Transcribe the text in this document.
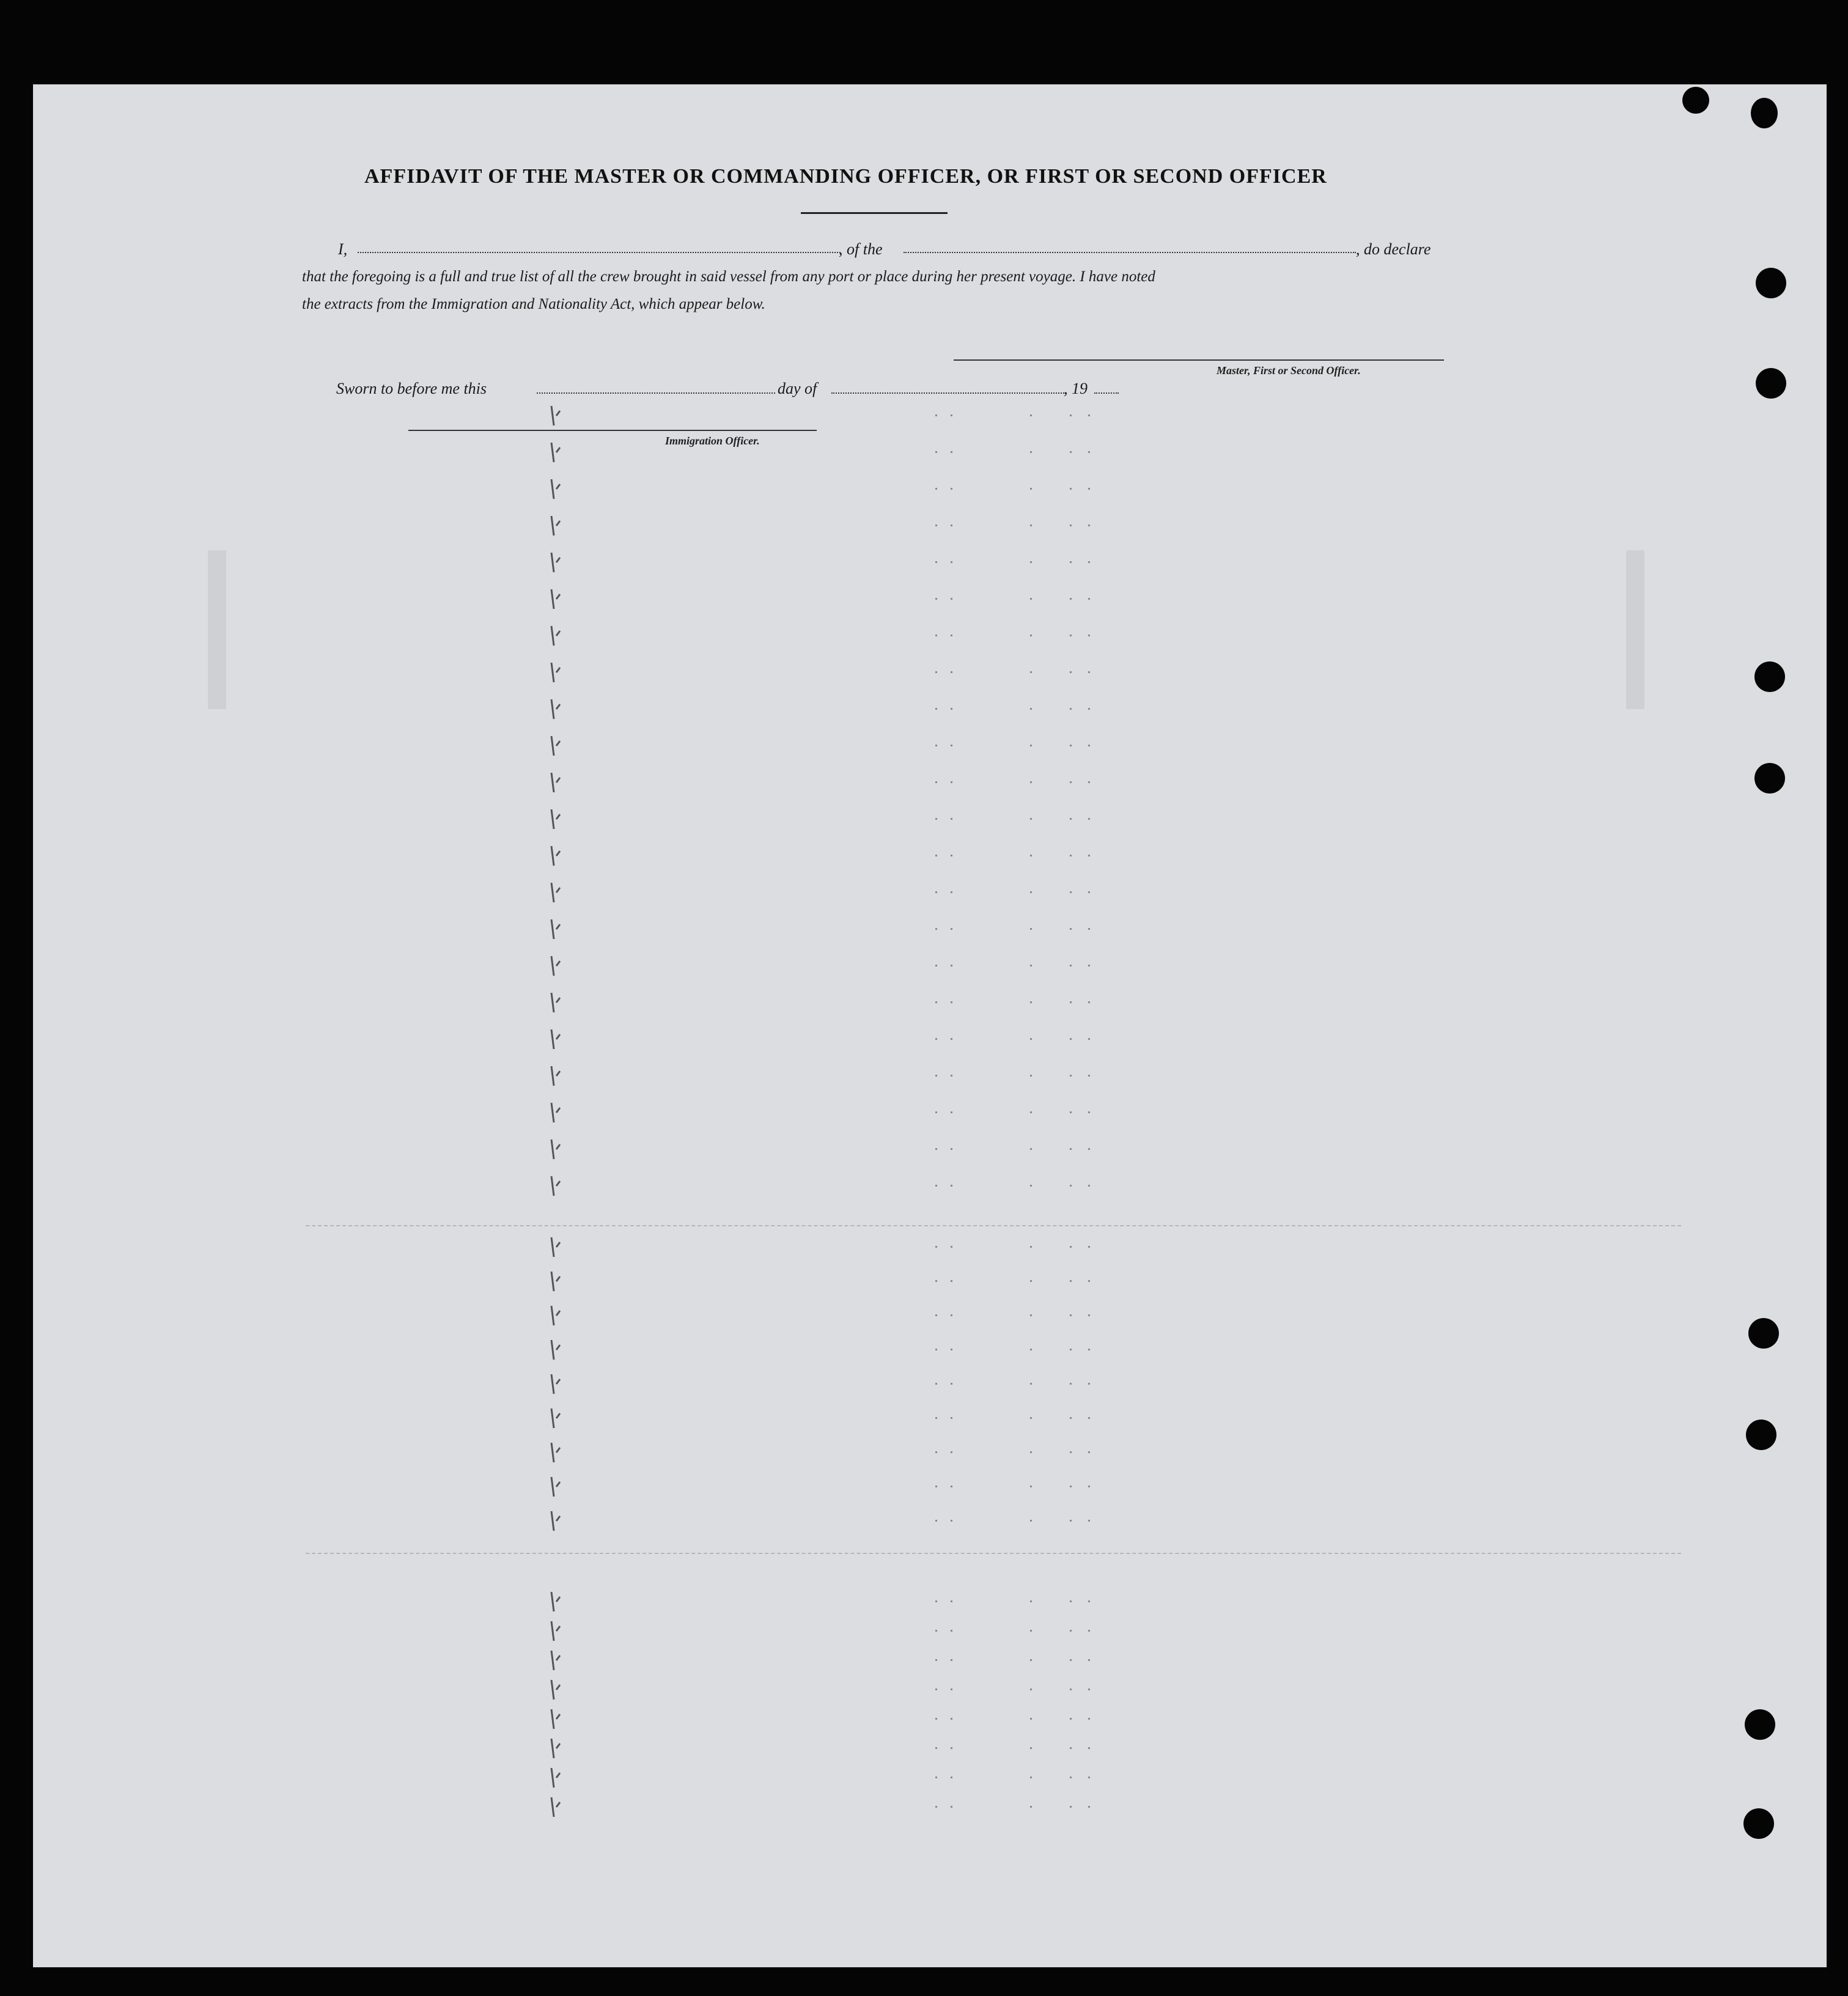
AFFIDAVIT OF THE MASTER OR COMMANDING OFFICER, OR FIRST OR SECOND OFFICER
I,	, of the	, do declare
that the foregoing is a full and true list of all the crew brought in said vessel from any port or place during her present voyage. I have noted
the extracts from the Immigration and Nationality Act, which appear below.
Master, First or Second Officer.
Sworn to before me this	day of	, 19
Immigration Officer.
